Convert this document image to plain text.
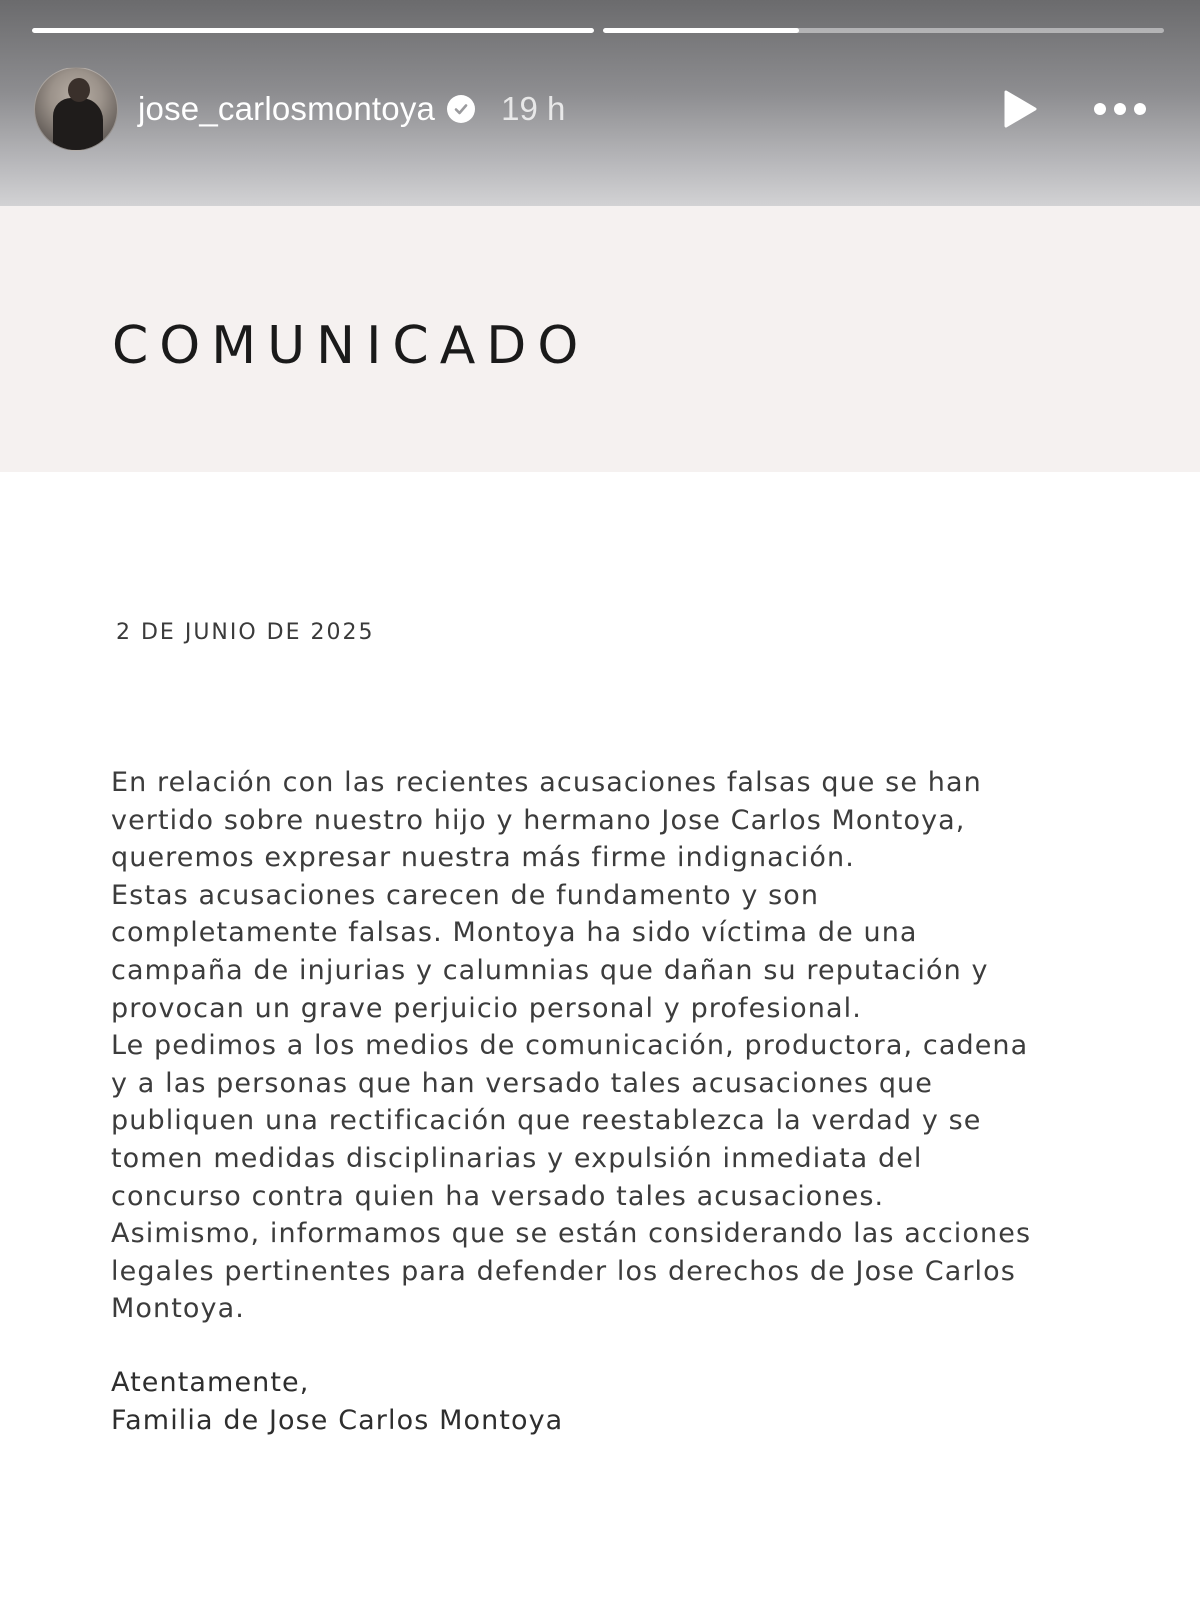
COMUNICADO
2 DE JUNIO DE 2025
En relación con las recientes acusaciones falsas que se han
vertido sobre nuestro hijo y hermano Jose Carlos Montoya,
queremos expresar nuestra más firme indignación.
Estas acusaciones carecen de fundamento y son
completamente falsas. Montoya ha sido víctima de una
campaña de injurias y calumnias que dañan su reputación y
provocan un grave perjuicio personal y profesional.
Le pedimos a los medios de comunicación, productora, cadena
y a las personas que han versado tales acusaciones que
publiquen una rectificación que reestablezca la verdad y se
tomen medidas disciplinarias y expulsión inmediata del
concurso contra quien ha versado tales acusaciones.
Asimismo, informamos que se están considerando las acciones
legales pertinentes para defender los derechos de Jose Carlos
Montoya.
Atentamente,
Familia de Jose Carlos Montoya
jose_carlosmontoya 19 h
